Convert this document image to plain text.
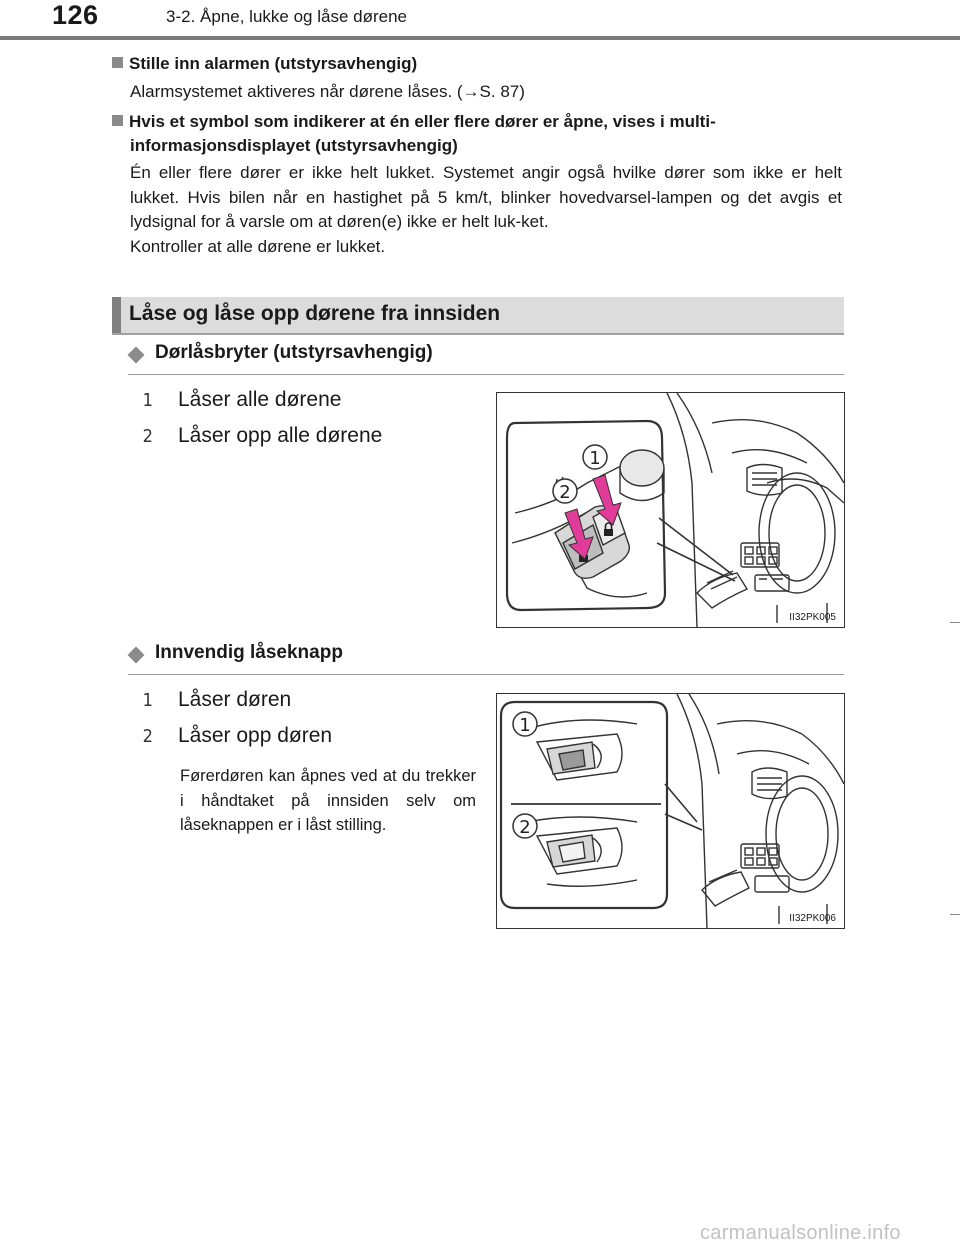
126	3-2. Åpne, lukke og låse dørene
Stille inn alarmen (utstyrsavhengig)

Alarmsystemet aktiveres når dørene låses. (→S. 87)

Hvis et symbol som indikerer at én eller flere dører er åpne, vises i multi-
informasjonsdisplayet (utstyrsavhengig)

Én eller flere dører er ikke helt lukket. Systemet angir også hvilke dører som ikke er helt lukket. Hvis bilen når en hastighet på 5 km/t, blinker hovedvarsel-lampen og det avgis et lydsignal for å varsle om at døren(e) ikke er helt luk-ket.

Kontroller at alle dørene er lukket.

Låse og låse opp dørene fra innsiden
Dørlåsbryter (utstyrsavhengig)
1 Låser alle dørene
2 Låser opp alle dørene
1
2
II32PK005
Innvendig låseknapp
1 Låser døren
2 Låser opp døren
Førerdøren kan åpnes ved at du trekker i håndtaket på innsiden selv om låseknappen er i låst stilling.
1
2
II32PK006
carmanualsonline.info
